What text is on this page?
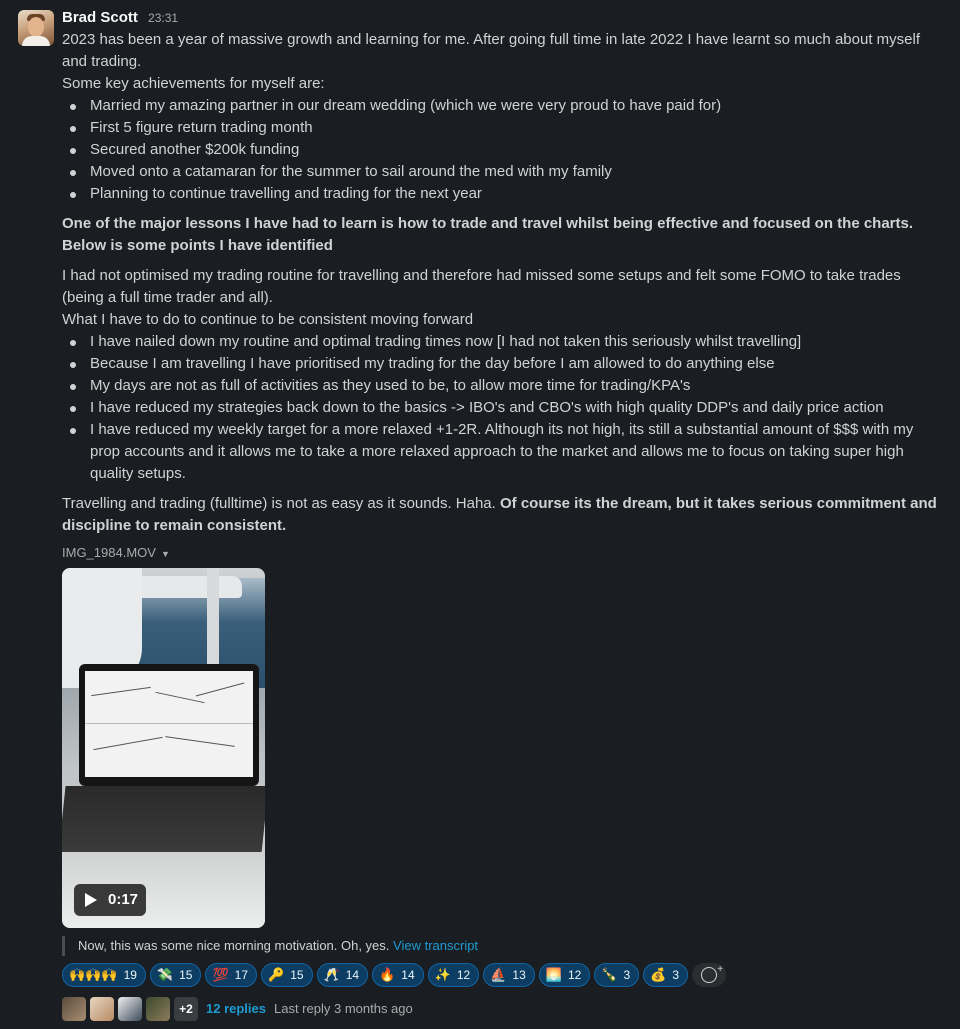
Brad Scott 23:31

2023 has been a year of massive growth and learning for me. After going full time in late 2022 I have learnt so much about myself and trading.

Some key achievements for myself are:

Married my amazing partner in our dream wedding (which we were very proud to have paid for)
First 5 figure return trading month
Secured another $200k funding
Moved onto a catamaran for the summer to sail around the med with my family
Planning to continue travelling and trading for the next year

One of the major lessons I have had to learn is how to trade and travel whilst being effective and focused on the charts. Below is some points I have identified

I had not optimised my trading routine for travelling and therefore had missed some setups and felt some FOMO to take trades (being a full time trader and all).

What I have to do to continue to be consistent moving forward

I have nailed down my routine and optimal trading times now [I had not taken this seriously whilst travelling]
Because I am travelling I have prioritised my trading for the day before I am allowed to do anything else
My days are not as full of activities as they used to be, to allow more time for trading/KPA's
I have reduced my strategies back down to the basics -> IBO's and CBO's with high quality DDP's and daily price action
I have reduced my weekly target for a more relaxed +1-2R. Although its not high, its still a substantial amount of $$$ with my prop accounts and it allows me to take a more relaxed approach to the market and allows me to focus on taking super high quality setups.

Travelling and trading (fulltime) is not as easy as it sounds. Haha. Of course its the dream, but it takes serious commitment and discipline to remain consistent.

IMG_1984.MOV ▼
0:17
Now, this was some nice morning motivation. Oh, yes. View transcript
🙌🙌🙌 19 💸 15 💯 17 🔑 15 🥂 14 🔥 14 ✨ 12 ⛵ 13 🌅 12 🍾 3 💰 3
+
+2	12 replies Last reply 3 months ago
